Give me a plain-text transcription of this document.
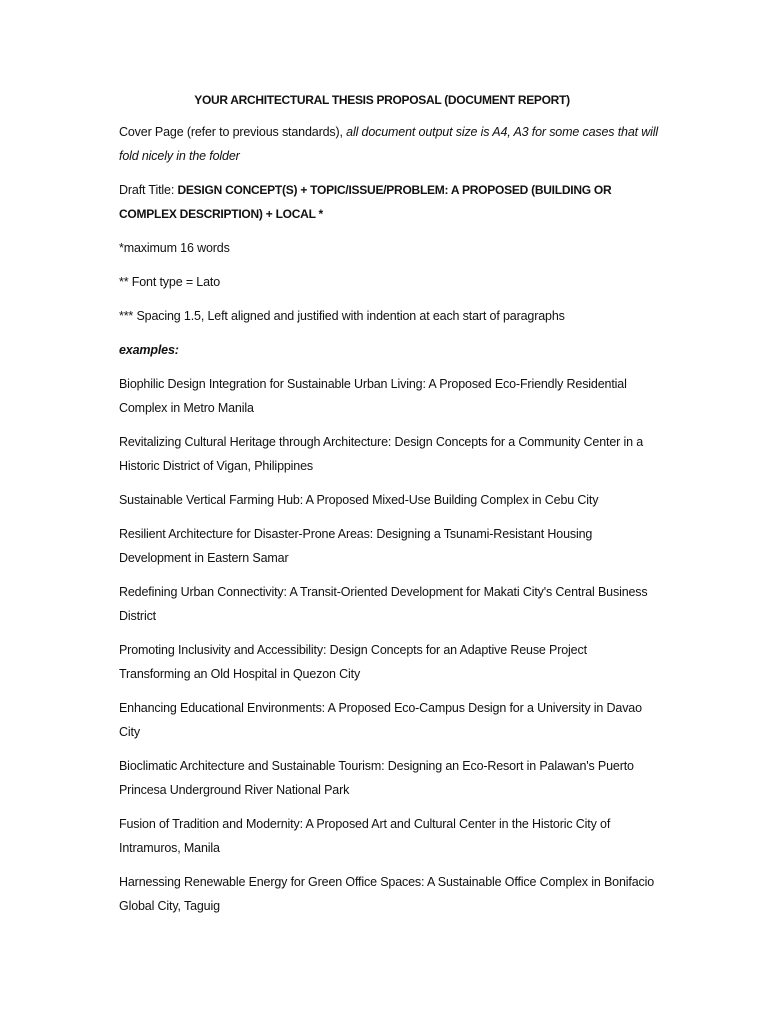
YOUR ARCHITECTURAL THESIS PROPOSAL (DOCUMENT REPORT)

Cover Page (refer to previous standards), all document output size is A4, A3 for some cases that will fold nicely in the folder

Draft Title: DESIGN CONCEPT(S) + TOPIC/ISSUE/PROBLEM: A PROPOSED (BUILDING OR COMPLEX DESCRIPTION) + LOCAL *

*maximum 16 words

** Font type = Lato

*** Spacing 1.5, Left aligned and justified with indention at each start of paragraphs

examples:

Biophilic Design Integration for Sustainable Urban Living: A Proposed Eco-Friendly Residential Complex in Metro Manila
Revitalizing Cultural Heritage through Architecture: Design Concepts for a Community Center in a Historic District of Vigan, Philippines
Sustainable Vertical Farming Hub: A Proposed Mixed-Use Building Complex in Cebu City
Resilient Architecture for Disaster-Prone Areas: Designing a Tsunami-Resistant Housing Development in Eastern Samar
Redefining Urban Connectivity: A Transit-Oriented Development for Makati City's Central Business District
Promoting Inclusivity and Accessibility: Design Concepts for an Adaptive Reuse Project Transforming an Old Hospital in Quezon City
Enhancing Educational Environments: A Proposed Eco-Campus Design for a University in Davao City
Bioclimatic Architecture and Sustainable Tourism: Designing an Eco-Resort in Palawan's Puerto Princesa Underground River National Park
Fusion of Tradition and Modernity: A Proposed Art and Cultural Center in the Historic City of Intramuros, Manila
Harnessing Renewable Energy for Green Office Spaces: A Sustainable Office Complex in Bonifacio Global City, Taguig
